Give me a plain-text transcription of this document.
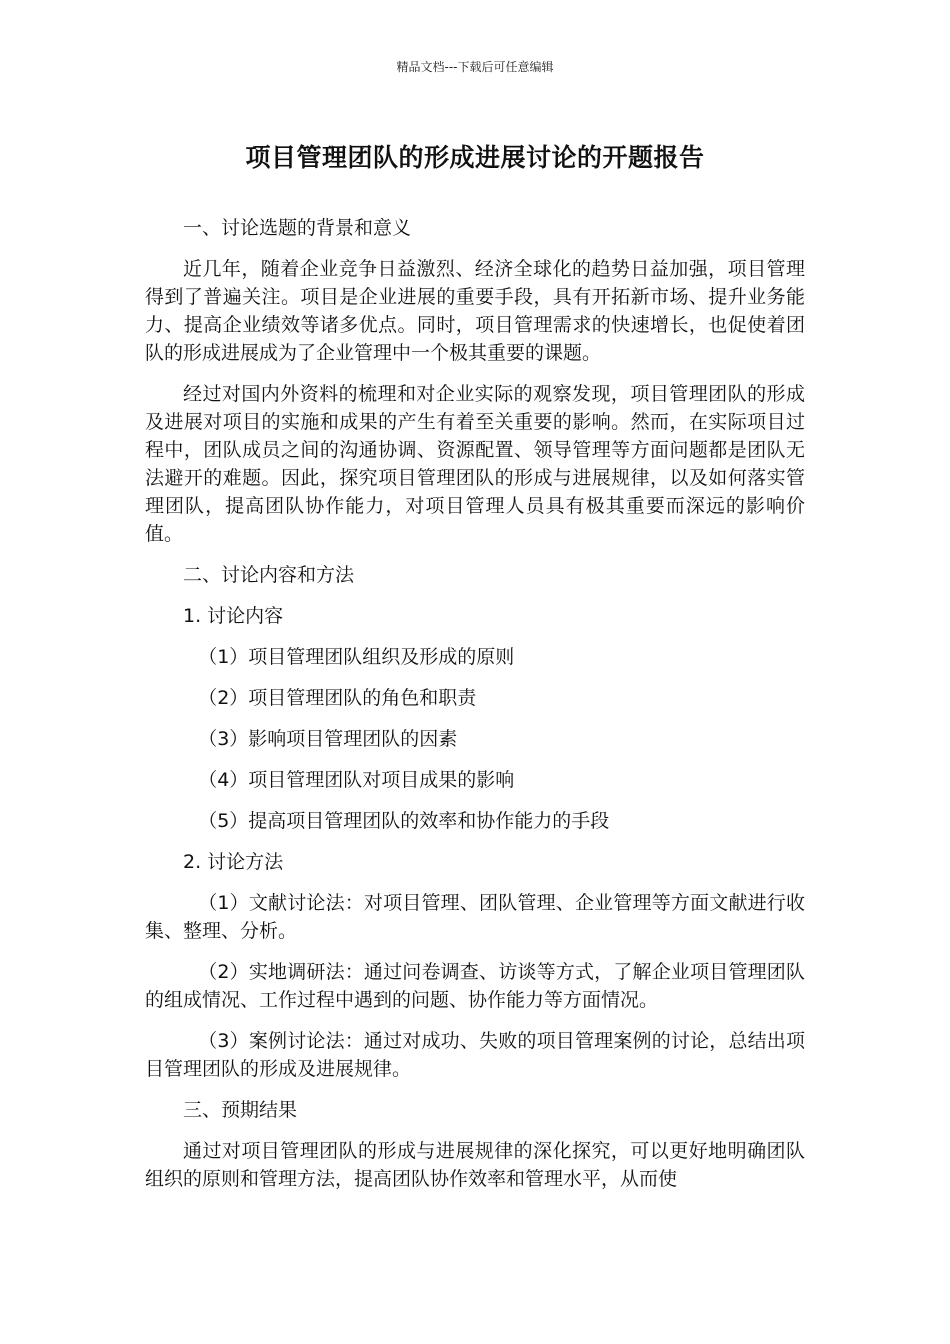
精品文档---下载后可任意编辑
项目管理团队的形成进展讨论的开题报告

一、讨论选题的背景和意义

近几年，随着企业竞争日益激烈、经济全球化的趋势日益加强，项目管理得到了普遍关注。项目是企业进展的重要手段，具有开拓新市场、提升业务能力、提高企业绩效等诸多优点。同时，项目管理需求的快速增长，也促使着团队的形成进展成为了企业管理中一个极其重要的课题。

经过对国内外资料的梳理和对企业实际的观察发现，项目管理团队的形成及进展对项目的实施和成果的产生有着至关重要的影响。然而，在实际项目过程中，团队成员之间的沟通协调、资源配置、领导管理等方面问题都是团队无法避开的难题。因此，探究项目管理团队的形成与进展规律，以及如何落实管理团队，提高团队协作能力，对项目管理人员具有极其重要而深远的影响价值。

二、讨论内容和方法

1. 讨论内容

（1）项目管理团队组织及形成的原则

（2）项目管理团队的角色和职责

（3）影响项目管理团队的因素

（4）项目管理团队对项目成果的影响

（5）提高项目管理团队的效率和协作能力的手段

2. 讨论方法

（1）文献讨论法：对项目管理、团队管理、企业管理等方面文献进行收集、整理、分析。

（2）实地调研法：通过问卷调查、访谈等方式，了解企业项目管理团队的组成情况、工作过程中遇到的问题、协作能力等方面情况。

（3）案例讨论法：通过对成功、失败的项目管理案例的讨论，总结出项目管理团队的形成及进展规律。

三、预期结果

通过对项目管理团队的形成与进展规律的深化探究，可以更好地明确团队组织的原则和管理方法，提高团队协作效率和管理水平，从而使
